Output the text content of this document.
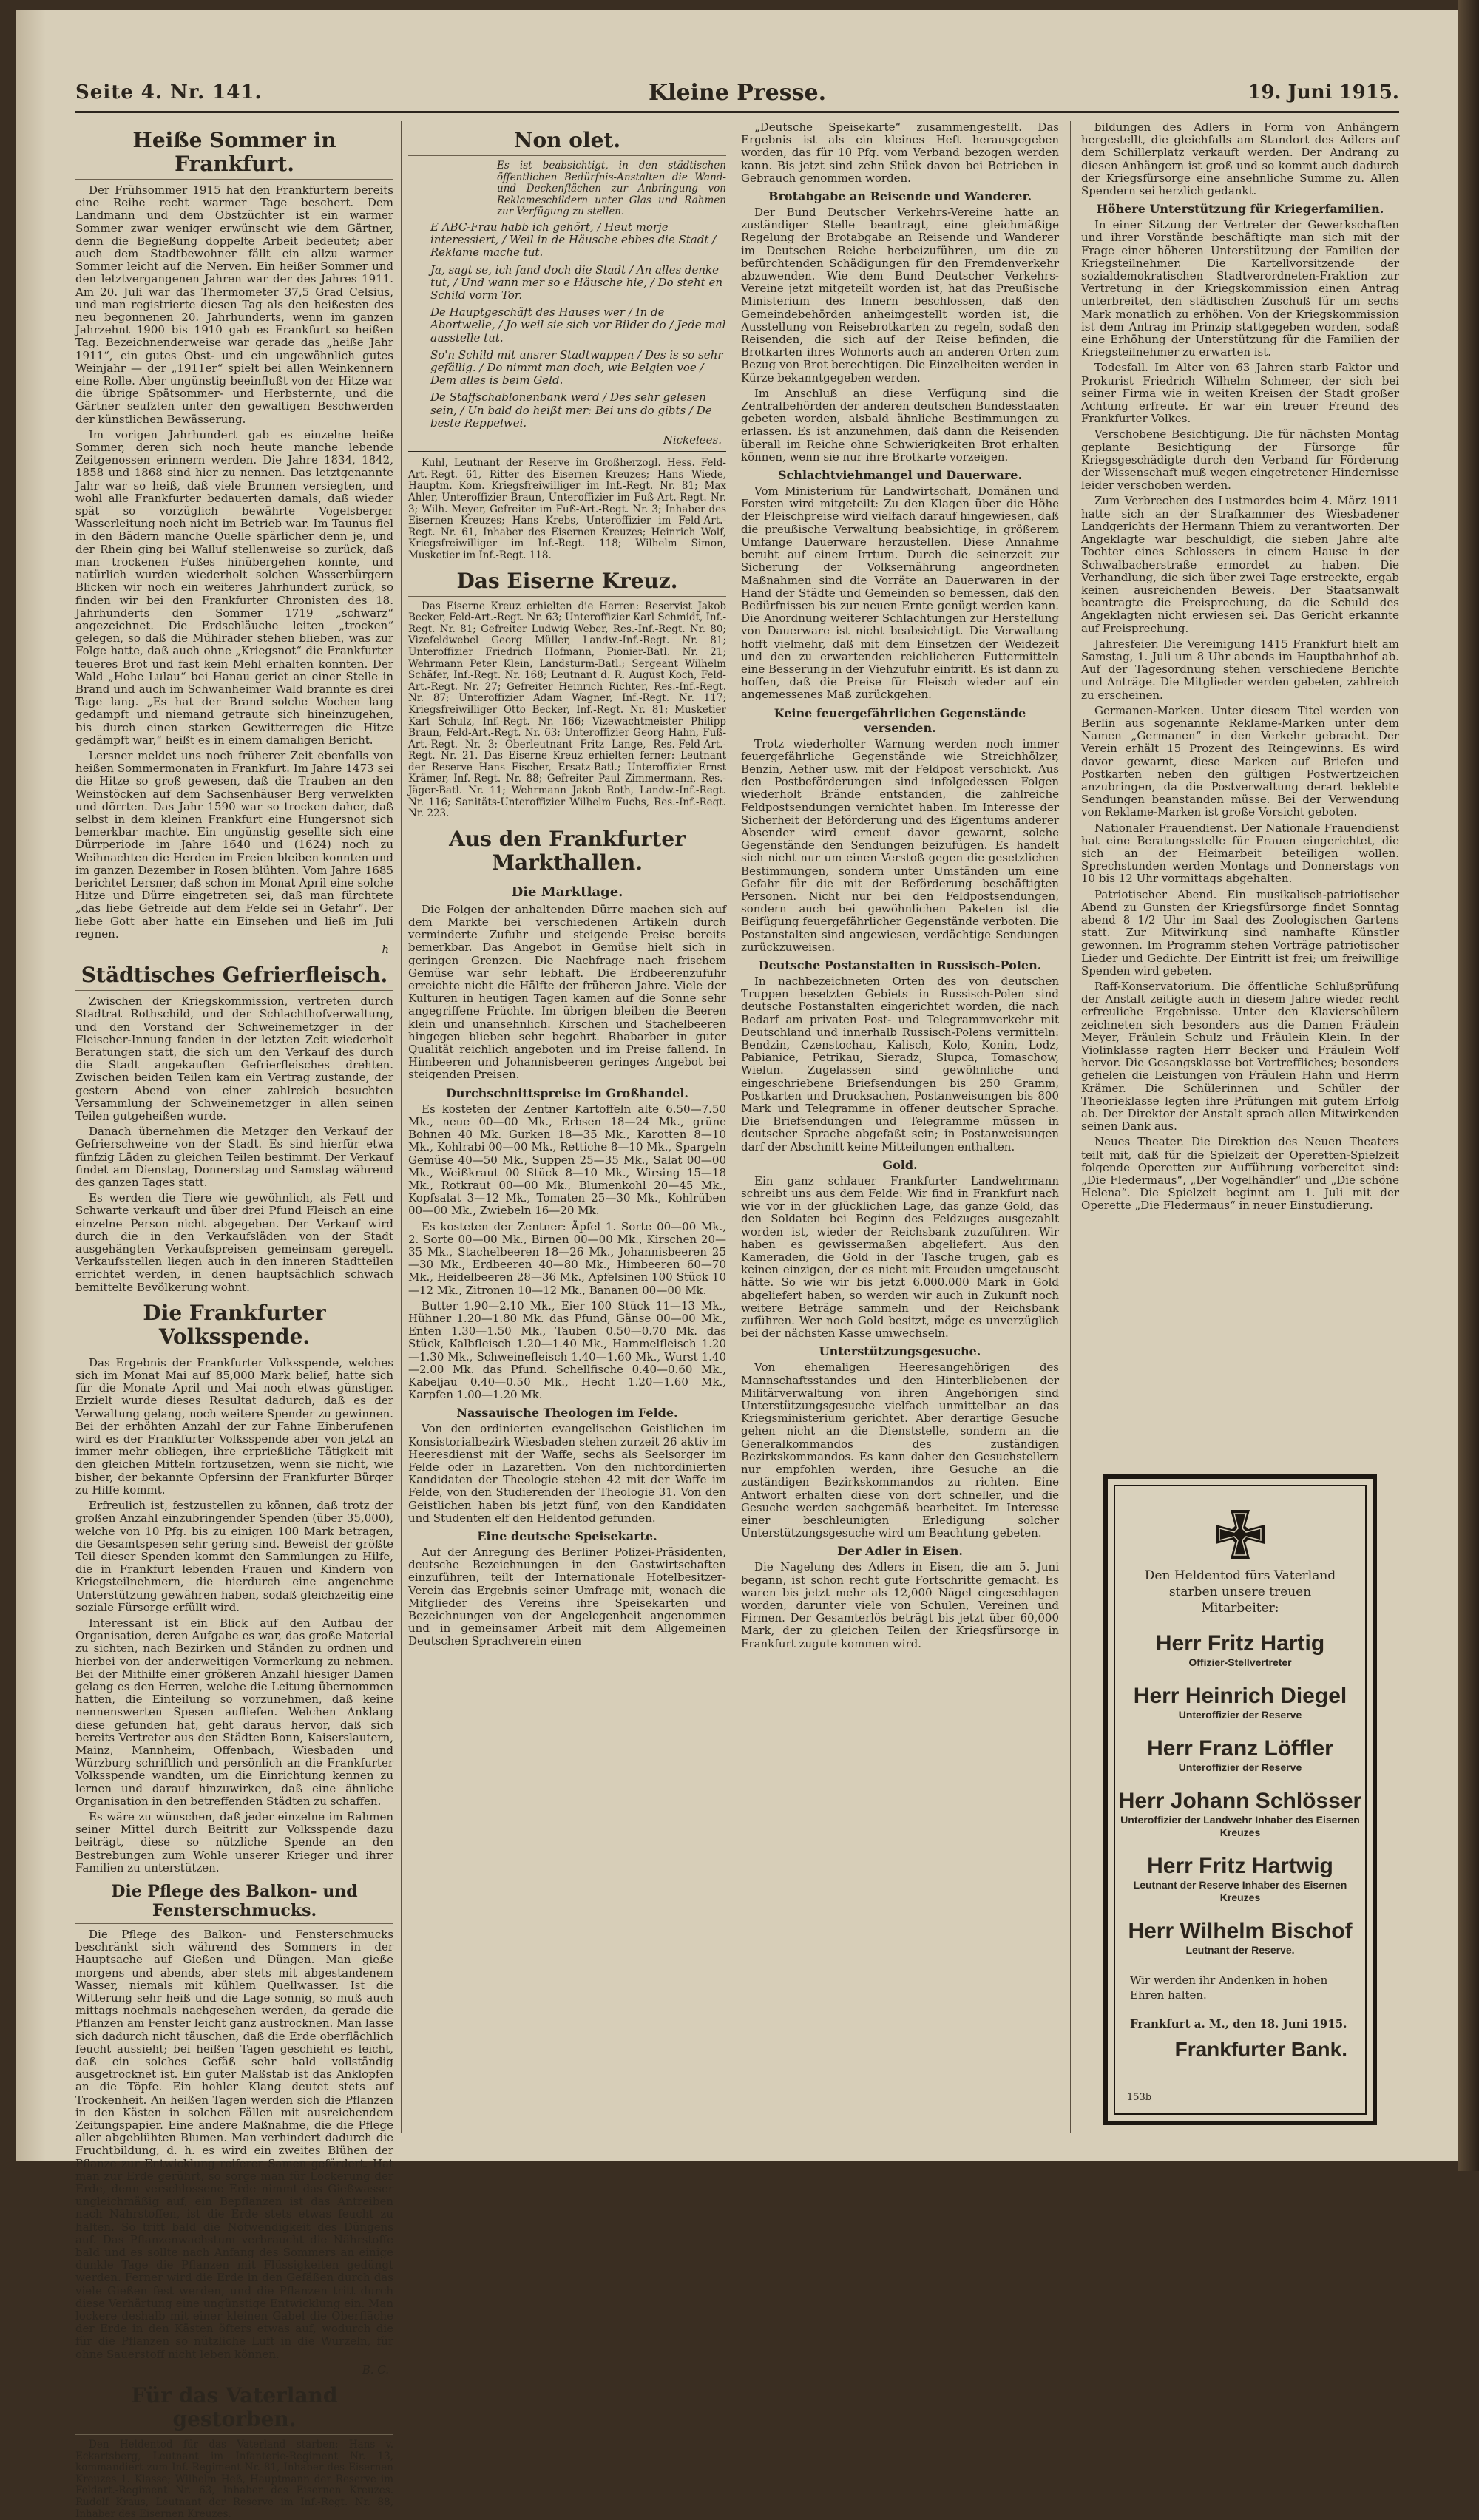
Seite 4. Nr. 141.	Kleine Presse.	19. Juni 1915.
Heiße Sommer in Frankfurt.

Der Frühsommer 1915 hat den Frankfurtern bereits eine Reihe recht warmer Tage beschert. Dem Landmann und dem Obstzüchter ist ein warmer Sommer zwar weniger erwünscht wie dem Gärtner, denn die Begießung doppelte Arbeit bedeutet; aber auch dem Stadtbewohner fällt ein allzu warmer Sommer leicht auf die Nerven. Ein heißer Sommer und den letztvergangenen Jahren war der des Jahres 1911. Am 20. Juli war das Thermometer 37,5 Grad Celsius, und man registrierte diesen Tag als den heißesten des neu begonnenen 20. Jahrhunderts, wenn im ganzen Jahrzehnt 1900 bis 1910 gab es Frankfurt so heißen Tag. Bezeichnenderweise war gerade das „heiße Jahr 1911“, ein gutes Obst- und ein ungewöhnlich gutes Weinjahr — der „1911er“ spielt bei allen Weinkennern eine Rolle. Aber ungünstig beeinflußt von der Hitze war die übrige Spätsommer- und Herbsternte, und die Gärtner seufzten unter den gewaltigen Beschwerden der künstlichen Bewässerung.

Im vorigen Jahrhundert gab es einzelne heiße Sommer, deren sich noch heute manche lebende Zeitgenossen erinnern werden. Die Jahre 1834, 1842, 1858 und 1868 sind hier zu nennen. Das letztgenannte Jahr war so heiß, daß viele Brunnen versiegten, und wohl alle Frankfurter bedauerten damals, daß wieder spät so vorzüglich bewährte Vogelsberger Wasserleitung noch nicht im Betrieb war. Im Taunus fiel in den Bädern manche Quelle spärlicher denn je, und der Rhein ging bei Walluf stellenweise so zurück, daß man trockenen Fußes hinübergehen konnte, und natürlich wurden wiederholt solchen Wasserbürgern Blicken wir noch ein weiteres Jahrhundert zurück, so finden wir bei den Frankfurter Chronisten des 18. Jahrhunderts den Sommer 1719 „schwarz“ angezeichnet. Die Erdschläuche leiten „trocken“ gelegen, so daß die Mühlräder stehen blieben, was zur Folge hatte, daß auch ohne „Kriegsnot“ die Frankfurter teueres Brot und fast kein Mehl erhalten konnten. Der Wald „Hohe Lulau“ bei Hanau geriet an einer Stelle in Brand und auch im Schwanheimer Wald brannte es drei Tage lang. „Es hat der Brand solche Wochen lang gedampft und niemand getraute sich hineinzugehen, bis durch einen starken Gewitterregen die Hitze gedämpft war,“ heißt es in einem damaligen Bericht.

Lersner meldet uns noch früherer Zeit ebenfalls von heißen Sommermonaten in Frankfurt. Im Jahre 1473 sei die Hitze so groß gewesen, daß die Trauben an den Weinstöcken auf dem Sachsenhäuser Berg verwelkten und dörrten. Das Jahr 1590 war so trocken daher, daß selbst in dem kleinen Frankfurt eine Hungersnot sich bemerkbar machte. Ein ungünstig gesellte sich eine Dürrperiode im Jahre 1640 und (1624) noch zu Weihnachten die Herden im Freien bleiben konnten und im ganzen Dezember in Rosen blühten. Vom Jahre 1685 berichtet Lersner, daß schon im Monat April eine solche Hitze und Dürre eingetreten sei, daß man fürchtete „das liebe Getreide auf dem Felde sei in Gefahr“. Der liebe Gott aber hatte ein Einsehen und ließ im Juli regnen.

h
Städtisches Gefrierfleisch.

Zwischen der Kriegskommission, vertreten durch Stadtrat Rothschild, und der Schlachthofverwaltung, und den Vorstand der Schweinemetzger in der Fleischer-Innung fanden in der letzten Zeit wiederholt Beratungen statt, die sich um den Verkauf des durch die Stadt angekauften Gefrierfleisches drehten. Zwischen beiden Teilen kam ein Vertrag zustande, der gestern Abend von einer zahlreich besuchten Versammlung der Schweinemetzger in allen seinen Teilen gutgeheißen wurde.

Danach übernehmen die Metzger den Verkauf der Gefrierschweine von der Stadt. Es sind hierfür etwa fünfzig Läden zu gleichen Teilen bestimmt. Der Verkauf findet am Dienstag, Donnerstag und Samstag während des ganzen Tages statt.

Es werden die Tiere wie gewöhnlich, als Fett und Schwarte verkauft und über drei Pfund Fleisch an eine einzelne Person nicht abgegeben. Der Verkauf wird durch die in den Verkaufsläden von der Stadt ausgehängten Verkaufspreisen gemeinsam geregelt. Verkaufsstellen liegen auch in den inneren Stadtteilen errichtet werden, in denen hauptsächlich schwach bemittelte Bevölkerung wohnt.

Die Frankfurter Volksspende.

Das Ergebnis der Frankfurter Volksspende, welches sich im Monat Mai auf 85,000 Mark belief, hatte sich für die Monate April und Mai noch etwas günstiger. Erzielt wurde dieses Resultat dadurch, daß es der Verwaltung gelang, noch weitere Spender zu gewinnen. Bei der erhöhten Anzahl der zur Fahne Einberufenen wird es der Frankfurter Volksspende aber von jetzt an immer mehr obliegen, ihre erprießliche Tätigkeit mit den gleichen Mitteln fortzusetzen, wenn sie nicht, wie bisher, der bekannte Opfersinn der Frankfurter Bürger zu Hilfe kommt.

Erfreulich ist, festzustellen zu können, daß trotz der großen Anzahl einzubringender Spenden (über 35,000), welche von 10 Pfg. bis zu einigen 100 Mark betragen, die Gesamtspesen sehr gering sind. Beweist der größte Teil dieser Spenden kommt den Sammlungen zu Hilfe, die in Frankfurt lebenden Frauen und Kindern von Kriegsteilnehmern, die hierdurch eine angenehme Unterstützung gewähren haben, sodaß gleichzeitig eine soziale Fürsorge erfüllt wird.

Interessant ist ein Blick auf den Aufbau der Organisation, deren Aufgabe es war, das große Material zu sichten, nach Bezirken und Ständen zu ordnen und hierbei von der anderweitigen Vormerkung zu nehmen. Bei der Mithilfe einer größeren Anzahl hiesiger Damen gelang es den Herren, welche die Leitung übernommen hatten, die Einteilung so vorzunehmen, daß keine nennenswerten Spesen aufliefen. Welchen Anklang diese gefunden hat, geht daraus hervor, daß sich bereits Vertreter aus den Städten Bonn, Kaiserslautern, Mainz, Mannheim, Offenbach, Wiesbaden und Würzburg schriftlich und persönlich an die Frankfurter Volksspende wandten, um die Einrichtung kennen zu lernen und darauf hinzuwirken, daß eine ähnliche Organisation in den betreffenden Städten zu schaffen.

Es wäre zu wünschen, daß jeder einzelne im Rahmen seiner Mittel durch Beitritt zur Volksspende dazu beiträgt, diese so nützliche Spende an den Bestrebungen zum Wohle unserer Krieger und ihrer Familien zu unterstützen.

Die Pflege des Balkon- und Fensterschmucks.

Die Pflege des Balkon- und Fensterschmucks beschränkt sich während des Sommers in der Hauptsache auf Gießen und Düngen. Man gieße morgens und abends, aber stets mit abgestandenem Wasser, niemals mit kühlem Quellwasser. Ist die Witterung sehr heiß und die Lage sonnig, so muß auch mittags nochmals nachgesehen werden, da gerade die Pflanzen am Fenster leicht ganz austrocknen. Man lasse sich dadurch nicht täuschen, daß die Erde oberflächlich feucht aussieht; bei heißen Tagen geschieht es leicht, daß ein solches Gefäß sehr bald vollständig ausgetrocknet ist. Ein guter Maßstab ist das Anklopfen an die Töpfe. Ein hohler Klang deutet stets auf Trockenheit. An heißen Tagen werden sich die Pflanzen in den Kästen in solchen Fällen mit ausreichendem Zeitungspapier. Eine andere Maßnahme, die die Pflege aller abgeblühten Blumen. Man verhindert dadurch die Fruchtbildung, d. h. es wird ein zweites Blühen der Pflanze zur Entwicklung reiferer Samen gefördert. Hat man zur Erde gerührt, so sorge man für Lockerung der Erde, denn verschlossene Erde nimmt das Gießwasser ungleichmäßig auf, ein Bepflanzen ist das Antreiben nach Nährstoffen, ist die Erde stets etwas feucht zu halten. So tritt bald die Notwendigkeit des Düngens auf. Das Pflanzenwachstum verbraucht die Nährstoffe bald und es sollte nach Anfang des Sommers an einige dunkle Tage die Pflanzen mit Flüssigkeiten gedüngt werden. Ferner wird die Erde in den Gefäßen durch das viele Gießen fest werden, und die Pflanzen tritt durch diese Verhärtung eine ungünstige Entwicklung ein. Man lockere deshalb mit einer kleinen Gabel die Oberfläche der Erde in den Kästen öfters etwas auf, wodurch die für die Pflanzen so nützliche Luft in die Wurzeln, für ohne Sauerstoff nicht leben können.

B. C.
Für das Vaterland gestorben.

Den Heldentod für das Vaterland starben: Hans v. Eckartsberg, Leutnant im Infanterie-Regiment Nr. 13, kommandiert zum Inf.-Regiment Nr. 81, Inhaber des Eisernen Kreuzes 1. Klasse; Wilhelm Heß, Hauptmann der Reserve im Feldart.-Regiment Nr. 63, Inhaber des Eisernen Kreuzes. Rudolf Kraus, Leutnant der Reserve im Inf.-Regt. Nr. 88, Inhaber des Eisernen Kreuzes.

Non olet.

Es ist beabsichtigt, in den städtischen öffentlichen Bedürfnis-Anstalten die Wand- und Deckenflächen zur Anbringung von Reklameschildern unter Glas und Rahmen zur Verfügung zu stellen.

E ABC-Frau habb ich gehört, / Heut morje interessiert, / Weil in de Häusche ebbes die Stadt / Reklame mache tut.

Ja, sagt se, ich fand doch die Stadt / An alles denke tut, / Und wann mer so e Häusche hie, / Do steht en Schild vorm Tor.

De Hauptgeschäft des Hauses wer / In de Abortwelle, / Jo weil sie sich vor Bilder do / Jede mal ausstelle tut.

So'n Schild mit unsrer Stadtwappen / Des is so sehr gefällig. / Do nimmt man doch, wie Belgien voe / Dem alles is beim Geld.

De Staffschablonenbank werd / Des sehr gelesen sein, / Un bald do heißt mer: Bei uns do gibts / De beste Reppelwei.

Nickelees.

Kuhl, Leutnant der Reserve im Großherzogl. Hess. Feld-Art.-Regt. 61, Ritter des Eisernen Kreuzes; Hans Wiede, Hauptm. Kom. Kriegsfreiwilliger im Inf.-Regt. Nr. 81; Max Ahler, Unteroffizier Braun, Unteroffizier im Fuß-Art.-Regt. Nr. 3; Wilh. Meyer, Gefreiter im Fuß-Art.-Regt. Nr. 3; Inhaber des Eisernen Kreuzes; Hans Krebs, Unteroffizier im Feld-Art.-Regt. Nr. 61, Inhaber des Eisernen Kreuzes; Heinrich Wolf, Kriegsfreiwilliger im Inf.-Regt. 118; Wilhelm Simon, Musketier im Inf.-Regt. 118.

Das Eiserne Kreuz.

Das Eiserne Kreuz erhielten die Herren: Reservist Jakob Becker, Feld-Art.-Regt. Nr. 63; Unteroffizier Karl Schmidt, Inf.-Regt. Nr. 81; Gefreiter Ludwig Weber, Res.-Inf.-Regt. Nr. 80; Vizefeldwebel Georg Müller, Landw.-Inf.-Regt. Nr. 81; Unteroffizier Friedrich Hofmann, Pionier-Batl. Nr. 21; Wehrmann Peter Klein, Landsturm-Batl.; Sergeant Wilhelm Schäfer, Inf.-Regt. Nr. 168; Leutnant d. R. August Koch, Feld-Art.-Regt. Nr. 27; Gefreiter Heinrich Richter, Res.-Inf.-Regt. Nr. 87; Unteroffizier Adam Wagner, Inf.-Regt. Nr. 117; Kriegsfreiwilliger Otto Becker, Inf.-Regt. Nr. 81; Musketier Karl Schulz, Inf.-Regt. Nr. 166; Vizewachtmeister Philipp Braun, Feld-Art.-Regt. Nr. 63; Unteroffizier Georg Hahn, Fuß-Art.-Regt. Nr. 3; Oberleutnant Fritz Lange, Res.-Feld-Art.-Regt. Nr. 21. Das Eiserne Kreuz erhielten ferner: Leutnant der Reserve Hans Fischer, Ersatz-Batl.; Unteroffizier Ernst Krämer, Inf.-Regt. Nr. 88; Gefreiter Paul Zimmermann, Res.-Jäger-Batl. Nr. 11; Wehrmann Jakob Roth, Landw.-Inf.-Regt. Nr. 116; Sanitäts-Unteroffizier Wilhelm Fuchs, Res.-Inf.-Regt. Nr. 223.

Aus den Frankfurter Markthallen.
Die Marktlage.

Die Folgen der anhaltenden Dürre machen sich auf dem Markte bei verschiedenen Artikeln durch verminderte Zufuhr und steigende Preise bereits bemerkbar. Das Angebot in Gemüse hielt sich in geringen Grenzen. Die Nachfrage nach frischem Gemüse war sehr lebhaft. Die Erdbeerenzufuhr erreichte nicht die Hälfte der früheren Jahre. Viele der Kulturen in heutigen Tagen kamen auf die Sonne sehr angegriffene Früchte. Im übrigen bleiben die Beeren klein und unansehnlich. Kirschen und Stachelbeeren hingegen blieben sehr begehrt. Rhabarber in guter Qualität reichlich angeboten und im Preise fallend. In Himbeeren und Johannisbeeren geringes Angebot bei steigenden Preisen.

Durchschnittspreise im Großhandel.

Es kosteten der Zentner Kartoffeln alte 6.50—7.50 Mk., neue 00—00 Mk., Erbsen 18—24 Mk., grüne Bohnen 40 Mk. Gurken 18—35 Mk., Karotten 8—10 Mk., Kohlrabi 00—00 Mk., Rettiche 8—10 Mk., Spargeln Gemüse 40—50 Mk., Suppen 25—35 Mk., Salat 00—00 Mk., Weißkraut 00 Stück 8—10 Mk., Wirsing 15—18 Mk., Rotkraut 00—00 Mk., Blumenkohl 20—45 Mk., Kopfsalat 3—12 Mk., Tomaten 25—30 Mk., Kohlrüben 00—00 Mk., Zwiebeln 16—20 Mk.

Es kosteten der Zentner: Äpfel 1. Sorte 00—00 Mk., 2. Sorte 00—00 Mk., Birnen 00—00 Mk., Kirschen 20—35 Mk., Stachelbeeren 18—26 Mk., Johannisbeeren 25—30 Mk., Erdbeeren 40—80 Mk., Himbeeren 60—70 Mk., Heidelbeeren 28—36 Mk., Apfelsinen 100 Stück 10—12 Mk., Zitronen 10—12 Mk., Bananen 00—00 Mk.

Butter 1.90—2.10 Mk., Eier 100 Stück 11—13 Mk., Hühner 1.20—1.80 Mk. das Pfund, Gänse 00—00 Mk., Enten 1.30—1.50 Mk., Tauben 0.50—0.70 Mk. das Stück, Kalbfleisch 1.20—1.40 Mk., Hammelfleisch 1.20—1.30 Mk., Schweinefleisch 1.40—1.60 Mk., Wurst 1.40—2.00 Mk. das Pfund. Schellfische 0.40—0.60 Mk., Kabeljau 0.40—0.50 Mk., Hecht 1.20—1.60 Mk., Karpfen 1.00—1.20 Mk.

Nassauische Theologen im Felde.

Von den ordinierten evangelischen Geistlichen im Konsistorialbezirk Wiesbaden stehen zurzeit 26 aktiv im Heeresdienst mit der Waffe, sechs als Seelsorger im Felde oder in Lazaretten. Von den nichtordinierten Kandidaten der Theologie stehen 42 mit der Waffe im Felde, von den Studierenden der Theologie 31. Von den Geistlichen haben bis jetzt fünf, von den Kandidaten und Studenten elf den Heldentod gefunden.

Eine deutsche Speisekarte.

Auf der Anregung des Berliner Polizei-Präsidenten, deutsche Bezeichnungen in den Gastwirtschaften einzuführen, teilt der Internationale Hotelbesitzer-Verein das Ergebnis seiner Umfrage mit, wonach die Mitglieder des Vereins ihre Speisekarten und Bezeichnungen von der Angelegenheit angenommen und in gemeinsamer Arbeit mit dem Allgemeinen Deutschen Sprachverein einen

„Deutsche Speisekarte“ zusammengestellt. Das Ergebnis ist als ein kleines Heft herausgegeben worden, das für 10 Pfg. vom Verband bezogen werden kann. Bis jetzt sind zehn Stück davon bei Betrieben in Gebrauch genommen worden.

Brotabgabe an Reisende und Wanderer.

Der Bund Deutscher Verkehrs-Vereine hatte an zuständiger Stelle beantragt, eine gleichmäßige Regelung der Brotabgabe an Reisende und Wanderer im Deutschen Reiche herbeizuführen, um die zu befürchtenden Schädigungen für den Fremdenverkehr abzuwenden. Wie dem Bund Deutscher Verkehrs-Vereine jetzt mitgeteilt worden ist, hat das Preußische Ministerium des Innern beschlossen, daß den Gemeindebehörden anheimgestellt worden ist, die Ausstellung von Reisebrotkarten zu regeln, sodaß den Reisenden, die sich auf der Reise befinden, die Brotkarten ihres Wohnorts auch an anderen Orten zum Bezug von Brot berechtigen. Die Einzelheiten werden in Kürze bekanntgegeben werden.

Im Anschluß an diese Verfügung sind die Zentralbehörden der anderen deutschen Bundesstaaten gebeten worden, alsbald ähnliche Bestimmungen zu erlassen. Es ist anzunehmen, daß dann die Reisenden überall im Reiche ohne Schwierigkeiten Brot erhalten können, wenn sie nur ihre Brotkarte vorzeigen.

Schlachtviehmangel und Dauerware.

Vom Ministerium für Landwirtschaft, Domänen und Forsten wird mitgeteilt: Zu den Klagen über die Höhe der Fleischpreise wird vielfach darauf hingewiesen, daß die preußische Verwaltung beabsichtige, in größerem Umfange Dauerware herzustellen. Diese Annahme beruht auf einem Irrtum. Durch die seinerzeit zur Sicherung der Volksernährung angeordneten Maßnahmen sind die Vorräte an Dauerwaren in der Hand der Städte und Gemeinden so bemessen, daß den Bedürfnissen bis zur neuen Ernte genügt werden kann. Die Anordnung weiterer Schlachtungen zur Herstellung von Dauerware ist nicht beabsichtigt. Die Verwaltung hofft vielmehr, daß mit dem Einsetzen der Weidezeit und den zu erwartenden reichlicheren Futtermitteln eine Besserung in der Viehzufuhr eintritt. Es ist dann zu hoffen, daß die Preise für Fleisch wieder auf ein angemessenes Maß zurückgehen.

Keine feuergefährlichen Gegenstände versenden.

Trotz wiederholter Warnung werden noch immer feuergefährliche Gegenstände wie Streichhölzer, Benzin, Aether usw. mit der Feldpost verschickt. Aus den Postbeförderungen sind infolgedessen Folgen wiederholt Brände entstanden, die zahlreiche Feldpostsendungen vernichtet haben. Im Interesse der Sicherheit der Beförderung und des Eigentums anderer Absender wird erneut davor gewarnt, solche Gegenstände den Sendungen beizufügen. Es handelt sich nicht nur um einen Verstoß gegen die gesetzlichen Bestimmungen, sondern unter Umständen um eine Gefahr für die mit der Beförderung beschäftigten Personen. Nicht nur bei den Feldpostsendungen, sondern auch bei gewöhnlichen Paketen ist die Beifügung feuergefährlicher Gegenstände verboten. Die Postanstalten sind angewiesen, verdächtige Sendungen zurückzuweisen.

Deutsche Postanstalten in Russisch-Polen.

In nachbezeichneten Orten des von deutschen Truppen besetzten Gebiets in Russisch-Polen sind deutsche Postanstalten eingerichtet worden, die nach Bedarf am privaten Post- und Telegrammverkehr mit Deutschland und innerhalb Russisch-Polens vermitteln: Bendzin, Czenstochau, Kalisch, Kolo, Konin, Lodz, Pabianice, Petrikau, Sieradz, Slupca, Tomaschow, Wielun. Zugelassen sind gewöhnliche und eingeschriebene Briefsendungen bis 250 Gramm, Postkarten und Drucksachen, Postanweisungen bis 800 Mark und Telegramme in offener deutscher Sprache. Die Briefsendungen und Telegramme müssen in deutscher Sprache abgefaßt sein; in Postanweisungen darf der Abschnitt keine Mitteilungen enthalten.

Gold.

Ein ganz schlauer Frankfurter Landwehrmann schreibt uns aus dem Felde: Wir find in Frankfurt nach wie vor in der glücklichen Lage, das ganze Gold, das den Soldaten bei Beginn des Feldzuges ausgezahlt worden ist, wieder der Reichsbank zuzuführen. Wir haben es gewissermaßen abgeliefert. Aus den Kameraden, die Gold in der Tasche trugen, gab es keinen einzigen, der es nicht mit Freuden umgetauscht hätte. So wie wir bis jetzt 6.000.000 Mark in Gold abgeliefert haben, so werden wir auch in Zukunft noch weitere Beträge sammeln und der Reichsbank zuführen. Wer noch Gold besitzt, möge es unverzüglich bei der nächsten Kasse umwechseln.

Unterstützungsgesuche.

Von ehemaligen Heeresangehörigen des Mannschaftsstandes und den Hinterbliebenen der Militärverwaltung von ihren Angehörigen sind Unterstützungsgesuche vielfach unmittelbar an das Kriegsministerium gerichtet. Aber derartige Gesuche gehen nicht an die Dienststelle, sondern an die Generalkommandos des zuständigen Bezirkskommandos. Es kann daher den Gesuchstellern nur empfohlen werden, ihre Gesuche an die zuständigen Bezirkskommandos zu richten. Eine Antwort erhalten diese von dort schneller, und die Gesuche werden sachgemäß bearbeitet. Im Interesse einer beschleunigten Erledigung solcher Unterstützungsgesuche wird um Beachtung gebeten.

Der Adler in Eisen.

Die Nagelung des Adlers in Eisen, die am 5. Juni begann, ist schon recht gute Fortschritte gemacht. Es waren bis jetzt mehr als 12,000 Nägel eingeschlagen worden, darunter viele von Schulen, Vereinen und Firmen. Der Gesamterlös beträgt bis jetzt über 60,000 Mark, der zu gleichen Teilen der Kriegsfürsorge in Frankfurt zugute kommen wird.

bildungen des Adlers in Form von Anhängern hergestellt, die gleichfalls am Standort des Adlers auf dem Schillerplatz verkauft werden. Der Andrang zu diesen Anhängern ist groß und so kommt auch dadurch der Kriegsfürsorge eine ansehnliche Summe zu. Allen Spendern sei herzlich gedankt.

Höhere Unterstützung für Kriegerfamilien.

In einer Sitzung der Vertreter der Gewerkschaften und ihrer Vorstände beschäftigte man sich mit der Frage einer höheren Unterstützung der Familien der Kriegsteilnehmer. Die Kartellvorsitzende der sozialdemokratischen Stadtverordneten-Fraktion zur Vertretung in der Kriegskommission einen Antrag unterbreitet, den städtischen Zuschuß für um sechs Mark monatlich zu erhöhen. Von der Kriegskommission ist dem Antrag im Prinzip stattgegeben worden, sodaß eine Erhöhung der Unterstützung für die Familien der Kriegsteilnehmer zu erwarten ist.

Todesfall. Im Alter von 63 Jahren starb Faktor und Prokurist Friedrich Wilhelm Schmeer, der sich bei seiner Firma wie in weiten Kreisen der Stadt großer Achtung erfreute. Er war ein treuer Freund des Frankfurter Volkes.

Verschobene Besichtigung. Die für nächsten Montag geplante Besichtigung der Fürsorge für Kriegsgeschädigte durch den Verband für Förderung der Wissenschaft muß wegen eingetretener Hindernisse leider verschoben werden.

Zum Verbrechen des Lustmordes beim 4. März 1911 hatte sich an der Strafkammer des Wiesbadener Landgerichts der Hermann Thiem zu verantworten. Der Angeklagte war beschuldigt, die sieben Jahre alte Tochter eines Schlossers in einem Hause in der Schwalbacherstraße ermordet zu haben. Die Verhandlung, die sich über zwei Tage erstreckte, ergab keinen ausreichenden Beweis. Der Staatsanwalt beantragte die Freisprechung, da die Schuld des Angeklagten nicht erwiesen sei. Das Gericht erkannte auf Freisprechung.

Jahresfeier. Die Vereinigung 1415 Frankfurt hielt am Samstag, 1. Juli um 8 Uhr abends im Hauptbahnhof ab. Auf der Tagesordnung stehen verschiedene Berichte und Anträge. Die Mitglieder werden gebeten, zahlreich zu erscheinen.

Germanen-Marken. Unter diesem Titel werden von Berlin aus sogenannte Reklame-Marken unter dem Namen „Germanen“ in den Verkehr gebracht. Der Verein erhält 15 Prozent des Reingewinns. Es wird davor gewarnt, diese Marken auf Briefen und Postkarten neben den gültigen Postwertzeichen anzubringen, da die Postverwaltung derart beklebte Sendungen beanstanden müsse. Bei der Verwendung von Reklame-Marken ist große Vorsicht geboten.

Nationaler Frauendienst. Der Nationale Frauendienst hat eine Beratungsstelle für Frauen eingerichtet, die sich an der Heimarbeit beteiligen wollen. Sprechstunden werden Montags und Donnerstags von 10 bis 12 Uhr vormittags abgehalten.

Patriotischer Abend. Ein musikalisch-patriotischer Abend zu Gunsten der Kriegsfürsorge findet Sonntag abend 8 1/2 Uhr im Saal des Zoologischen Gartens statt. Zur Mitwirkung sind namhafte Künstler gewonnen. Im Programm stehen Vorträge patriotischer Lieder und Gedichte. Der Eintritt ist frei; um freiwillige Spenden wird gebeten.

Raff-Konservatorium. Die öffentliche Schlußprüfung der Anstalt zeitigte auch in diesem Jahre wieder recht erfreuliche Ergebnisse. Unter den Klavierschülern zeichneten sich besonders aus die Damen Fräulein Meyer, Fräulein Schulz und Fräulein Klein. In der Violinklasse ragten Herr Becker und Fräulein Wolf hervor. Die Gesangsklasse bot Vortreffliches; besonders gefielen die Leistungen von Fräulein Hahn und Herrn Krämer. Die Schülerinnen und Schüler der Theorieklasse legten ihre Prüfungen mit gutem Erfolg ab. Der Direktor der Anstalt sprach allen Mitwirkenden seinen Dank aus.

Neues Theater. Die Direktion des Neuen Theaters teilt mit, daß für die Spielzeit der Operetten-Spielzeit folgende Operetten zur Aufführung vorbereitet sind: „Die Fledermaus“, „Der Vogelhändler“ und „Die schöne Helena“. Die Spielzeit beginnt am 1. Juli mit der Operette „Die Fledermaus“ in neuer Einstudierung.

Den Heldentod fürs Vaterland starben unsere treuen Mitarbeiter:
Herr Fritz Hartig
Offizier-Stellvertreter
Herr Heinrich Diegel
Unteroffizier der Reserve
Herr Franz Löffler
Unteroffizier der Reserve
Herr Johann Schlösser
Unteroffizier der Landwehr Inhaber des Eisernen Kreuzes
Herr Fritz Hartwig
Leutnant der Reserve Inhaber des Eisernen Kreuzes
Herr Wilhelm Bischof
Leutnant der Reserve.
Wir werden ihr Andenken in hohen Ehren halten.
Frankfurt a. M., den 18. Juni 1915.
Frankfurter Bank.
153b
